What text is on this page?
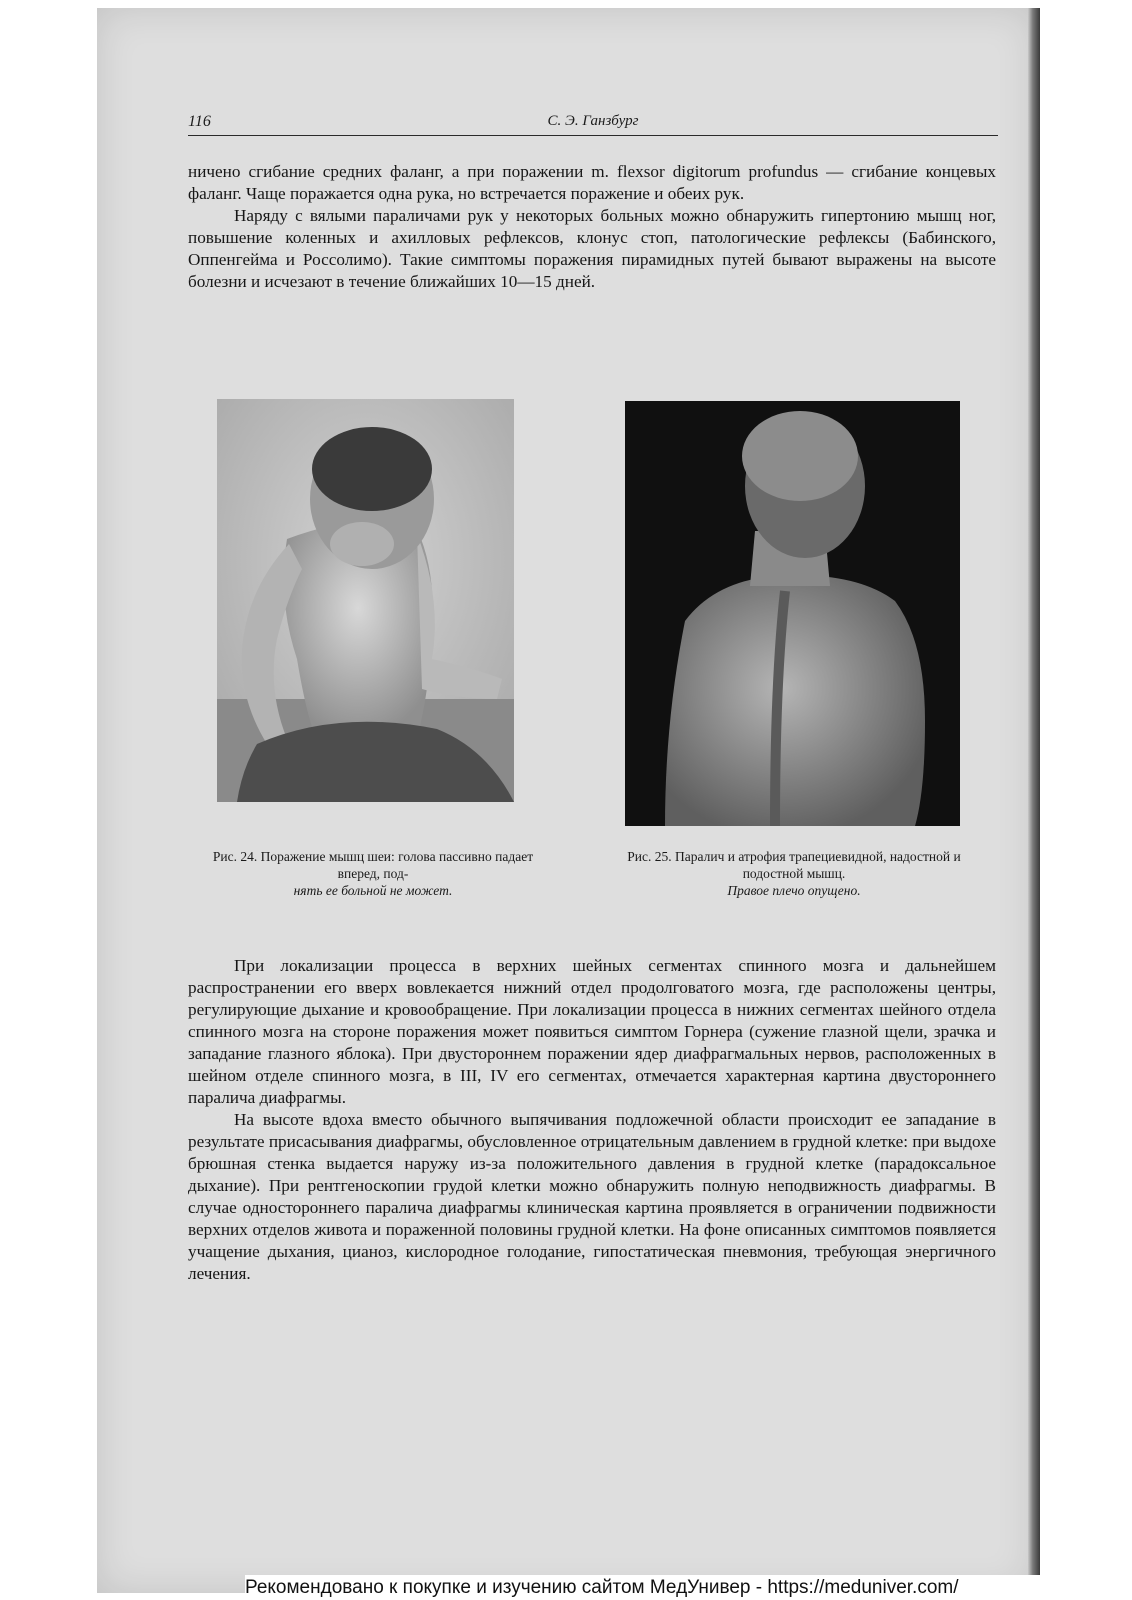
116	С. Э. Ганзбург

ничено сгибание средних фаланг, а при поражении m. flexsor digitorum profundus — сгибание концевых фаланг. Чаще поражается одна рука, но встречается поражение и обеих рук.

Наряду с вялыми параличами рук у некоторых больных можно обнаружить гипертонию мышц ног, повышение коленных и ахилловых рефлексов, клонус стоп, патологические рефлексы (Бабинского, Оппенгейма и Россолимо). Такие симптомы поражения пирамидных путей бывают выражены на высоте болезни и исчезают в течение ближайших 10—15 дней.

Рис. 24. Поражение мышц шеи: голова пассивно падает вперед, под-
нять ее больной не может.
Рис. 25. Паралич и атрофия трапециевидной, надостной и подостной мышц.
Правое плечо опущено.

При локализации процесса в верхних шейных сегментах спинного мозга и дальнейшем распространении его вверх вовлекается нижний отдел продолговатого мозга, где расположены центры, регулирующие дыхание и кровообращение. При локализации процесса в нижних сегментах шейного отдела спинного мозга на стороне поражения может появиться симптом Горнера (сужение глазной щели, зрачка и западание глазного яблока). При двустороннем поражении ядер диафрагмальных нервов, расположенных в шейном отделе спинного мозга, в III, IV его сегментах, отмечается характерная картина двустороннего паралича диафрагмы.

На высоте вдоха вместо обычного выпячивания подложечной области происходит ее западание в результате присасывания диафрагмы, обусловленное отрицательным давлением в грудной клетке: при выдохе брюшная стенка выдается наружу из-за положительного давления в грудной клетке (парадоксальное дыхание). При рентгеноскопии грудой клетки можно обнаружить полную неподвижность диафрагмы. В случае одностороннего паралича диафрагмы клиническая картина проявляется в ограничении подвижности верхних отделов живота и пораженной половины грудной клетки. На фоне описанных симптомов появляется учащение дыхания, цианоз, кислородное голодание, гипостатическая пневмония, требующая энергичного лечения.

Рекомендовано к покупке и изучению сайтом МедУнивер - https://meduniver.com/
